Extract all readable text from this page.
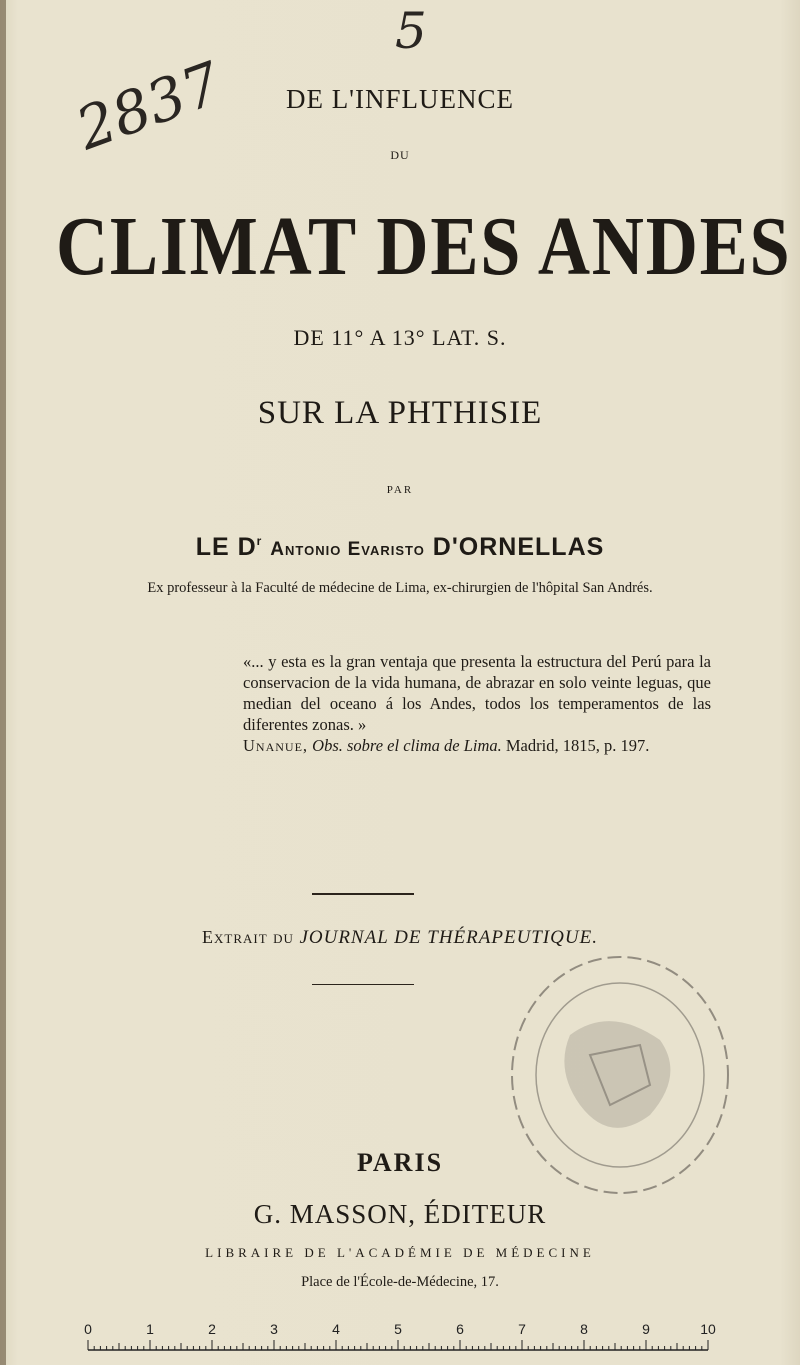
2837
5
DE L'INFLUENCE
DU
CLIMAT DES ANDES
DE 11° A 13° LAT. S.
SUR LA PHTHISIE
PAR
LE $D^r$ Antonio Evaristo D'ORNELLAS
Ex professeur à la Faculté de médecine de Lima, ex-chirurgien de l'hôpital San Andrés.

«... y esta es la gran ventaja que presenta la estructura del Perú para la conservacion de la vida humana, de abrazar en solo veinte leguas, que median del oceano á los Andes, todos los temperamentos de las diferentes zonas. »

Unanue, Obs. sobre el clima de Lima. Madrid, 1815, p. 197.

Extrait du JOURNAL DE THÉRAPEUTIQUE.
PARIS
G. MASSON, ÉDITEUR
LIBRAIRE DE L'ACADÉMIE DE MÉDECINE
Place de l'École-de-Médecine, 17.
0	1	2	3	4	5	6	7	8	9	10
